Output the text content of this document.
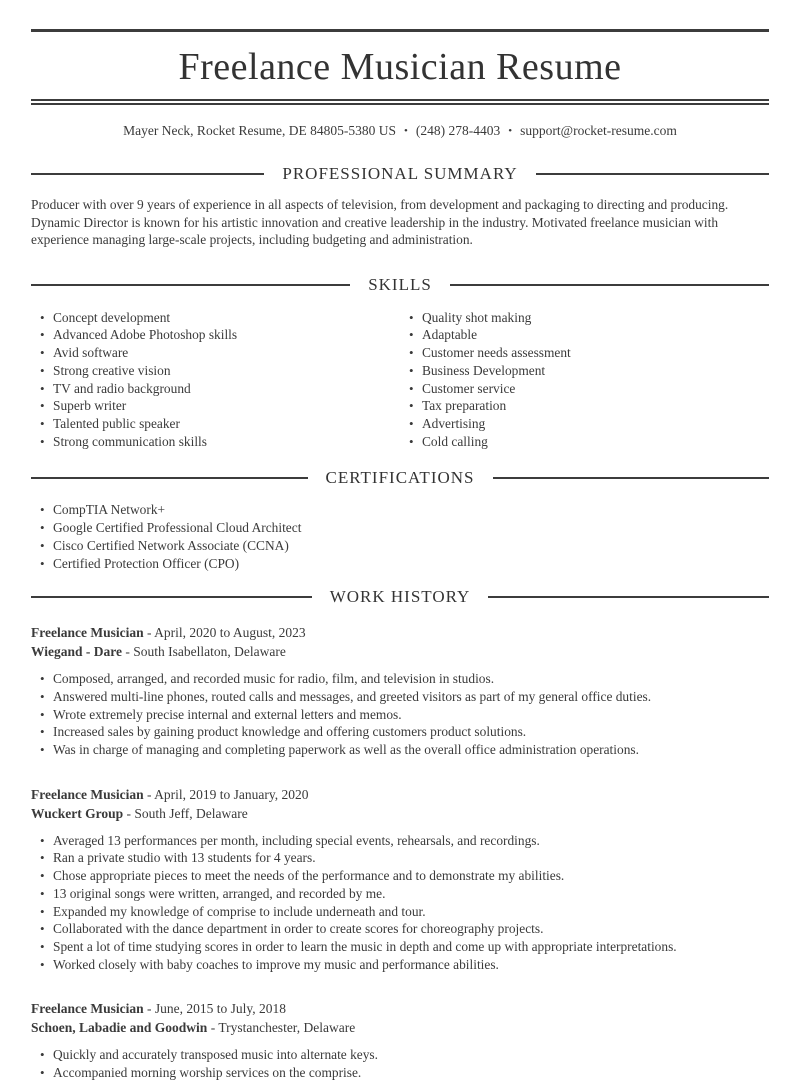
Freelance Musician Resume
Mayer Neck, Rocket Resume, DE 84805-5380 US • (248) 278-4403 • support@rocket-resume.com
PROFESSIONAL SUMMARY

Producer with over 9 years of experience in all aspects of television, from development and packaging to directing and producing. Dynamic Director is known for his artistic innovation and creative leadership in the industry. Motivated freelance musician with experience managing large-scale projects, including budgeting and administration.

SKILLS
• Concept development
• Advanced Adobe Photoshop skills
• Avid software
• Strong creative vision
• TV and radio background
• Superb writer
• Talented public speaker
• Strong communication skills
• Quality shot making
• Adaptable
• Customer needs assessment
• Business Development
• Customer service
• Tax preparation
• Advertising
• Cold calling
CERTIFICATIONS
• CompTIA Network+
• Google Certified Professional Cloud Architect
• Cisco Certified Network Associate (CCNA)
• Certified Protection Officer (CPO)
WORK HISTORY
Freelance Musician - April, 2020 to August, 2023
Wiegand - Dare - South Isabellaton, Delaware
• Composed, arranged, and recorded music for radio, film, and television in studios.
• Answered multi-line phones, routed calls and messages, and greeted visitors as part of my general office duties.
• Wrote extremely precise internal and external letters and memos.
• Increased sales by gaining product knowledge and offering customers product solutions.
• Was in charge of managing and completing paperwork as well as the overall office administration operations.
Freelance Musician - April, 2019 to January, 2020
Wuckert Group - South Jeff, Delaware
• Averaged 13 performances per month, including special events, rehearsals, and recordings.
• Ran a private studio with 13 students for 4 years.
• Chose appropriate pieces to meet the needs of the performance and to demonstrate my abilities.
• 13 original songs were written, arranged, and recorded by me.
• Expanded my knowledge of comprise to include underneath and tour.
• Collaborated with the dance department in order to create scores for choreography projects.
• Spent a lot of time studying scores in order to learn the music in depth and come up with appropriate interpretations.
• Worked closely with baby coaches to improve my music and performance abilities.
Freelance Musician - June, 2015 to July, 2018
Schoen, Labadie and Goodwin - Trystanchester, Delaware
• Quickly and accurately transposed music into alternate keys.
• Accompanied morning worship services on the comprise.
